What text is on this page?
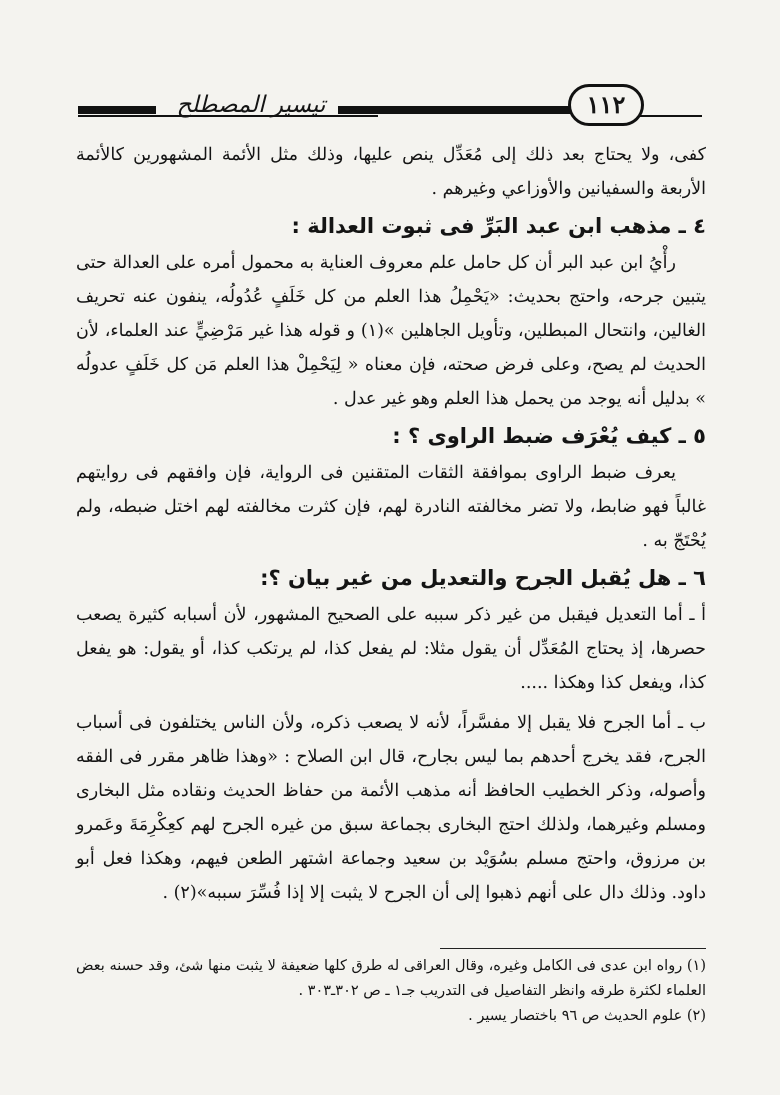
تيسير المصطلح	١١٢

كفى، ولا يحتاج بعد ذلك إلى مُعَدِّل ينص عليها، وذلك مثل الأئمة المشهورين كالأئمة الأربعة والسفيانين والأوزاعي وغيرهم .

٤ ـ مذهب ابن عبد البَرِّ فى ثبوت العدالة :

رأْيُ ابن عبد البر أن كل حامل علم معروف العناية به محمول أمره على العدالة حتى يتبين جرحه، واحتج بحديث: «يَحْمِلُ هذا العلم من كل خَلَفٍ عُدُولُه، ينفون عنه تحريف الغالين، وانتحال المبطلين، وتأويل الجاهلين »(١) و قوله هذا غير مَرْضِيٍّ عند العلماء، لأن الحديث لم يصح، وعلى فرض صحته، فإن معناه « لِيَحْمِلْ هذا العلم مَن كل خَلَفٍ عدولُه » بدليل أنه يوجد من يحمل هذا العلم وهو غير عدل .

٥ ـ كيف يُعْرَف ضبط الراوى ؟ :

يعرف ضبط الراوى بموافقة الثقات المتقنين فى الرواية، فإن وافقهم فى روايتهم غالباً فهو ضابط، ولا تضر مخالفته النادرة لهم، فإن كثرت مخالفته لهم اختل ضبطه، ولم يُحْتَجّ به .

٦ ـ هل يُقبل الجرح والتعديل من غير بيان ؟:

أ ـ أما التعديل فيقبل من غير ذكر سببه على الصحيح المشهور، لأن أسبابه كثيرة يصعب حصرها، إذ يحتاج المُعَدِّل أن يقول مثلا: لم يفعل كذا، لم يرتكب كذا، أو يقول: هو يفعل كذا، ويفعل كذا وهكذا .....

ب ـ أما الجرح فلا يقبل إلا مفسَّراً، لأنه لا يصعب ذكره، ولأن الناس يختلفون فى أسباب الجرح، فقد يخرج أحدهم بما ليس بجارح، قال ابن الصلاح : «وهذا ظاهر مقرر فى الفقه وأصوله، وذكر الخطيب الحافظ أنه مذهب الأئمة من حفاظ الحديث ونقاده مثل البخارى ومسلم وغيرهما، ولذلك احتج البخارى بجماعة سبق من غيره الجرح لهم كعِكْرِمَةَ وعَمرو بن مرزوق، واحتج مسلم بسُوَيْد بن سعيد وجماعة اشتهر الطعن فيهم، وهكذا فعل أبو داود. وذلك دال على أنهم ذهبوا إلى أن الجرح لا يثبت إلا إذا فُسِّرَ سببه»(٢) .

(١) رواه ابن عدى فى الكامل وغيره، وقال العراقى له طرق كلها ضعيفة لا يثبت منها شئ، وقد حسنه بعض العلماء لكثرة طرقه وانظر التفاصيل فى التدريب جـ١ ـ ص ٣٠٢ـ٣٠٣ .

(٢) علوم الحديث ص ٩٦ باختصار يسير .
